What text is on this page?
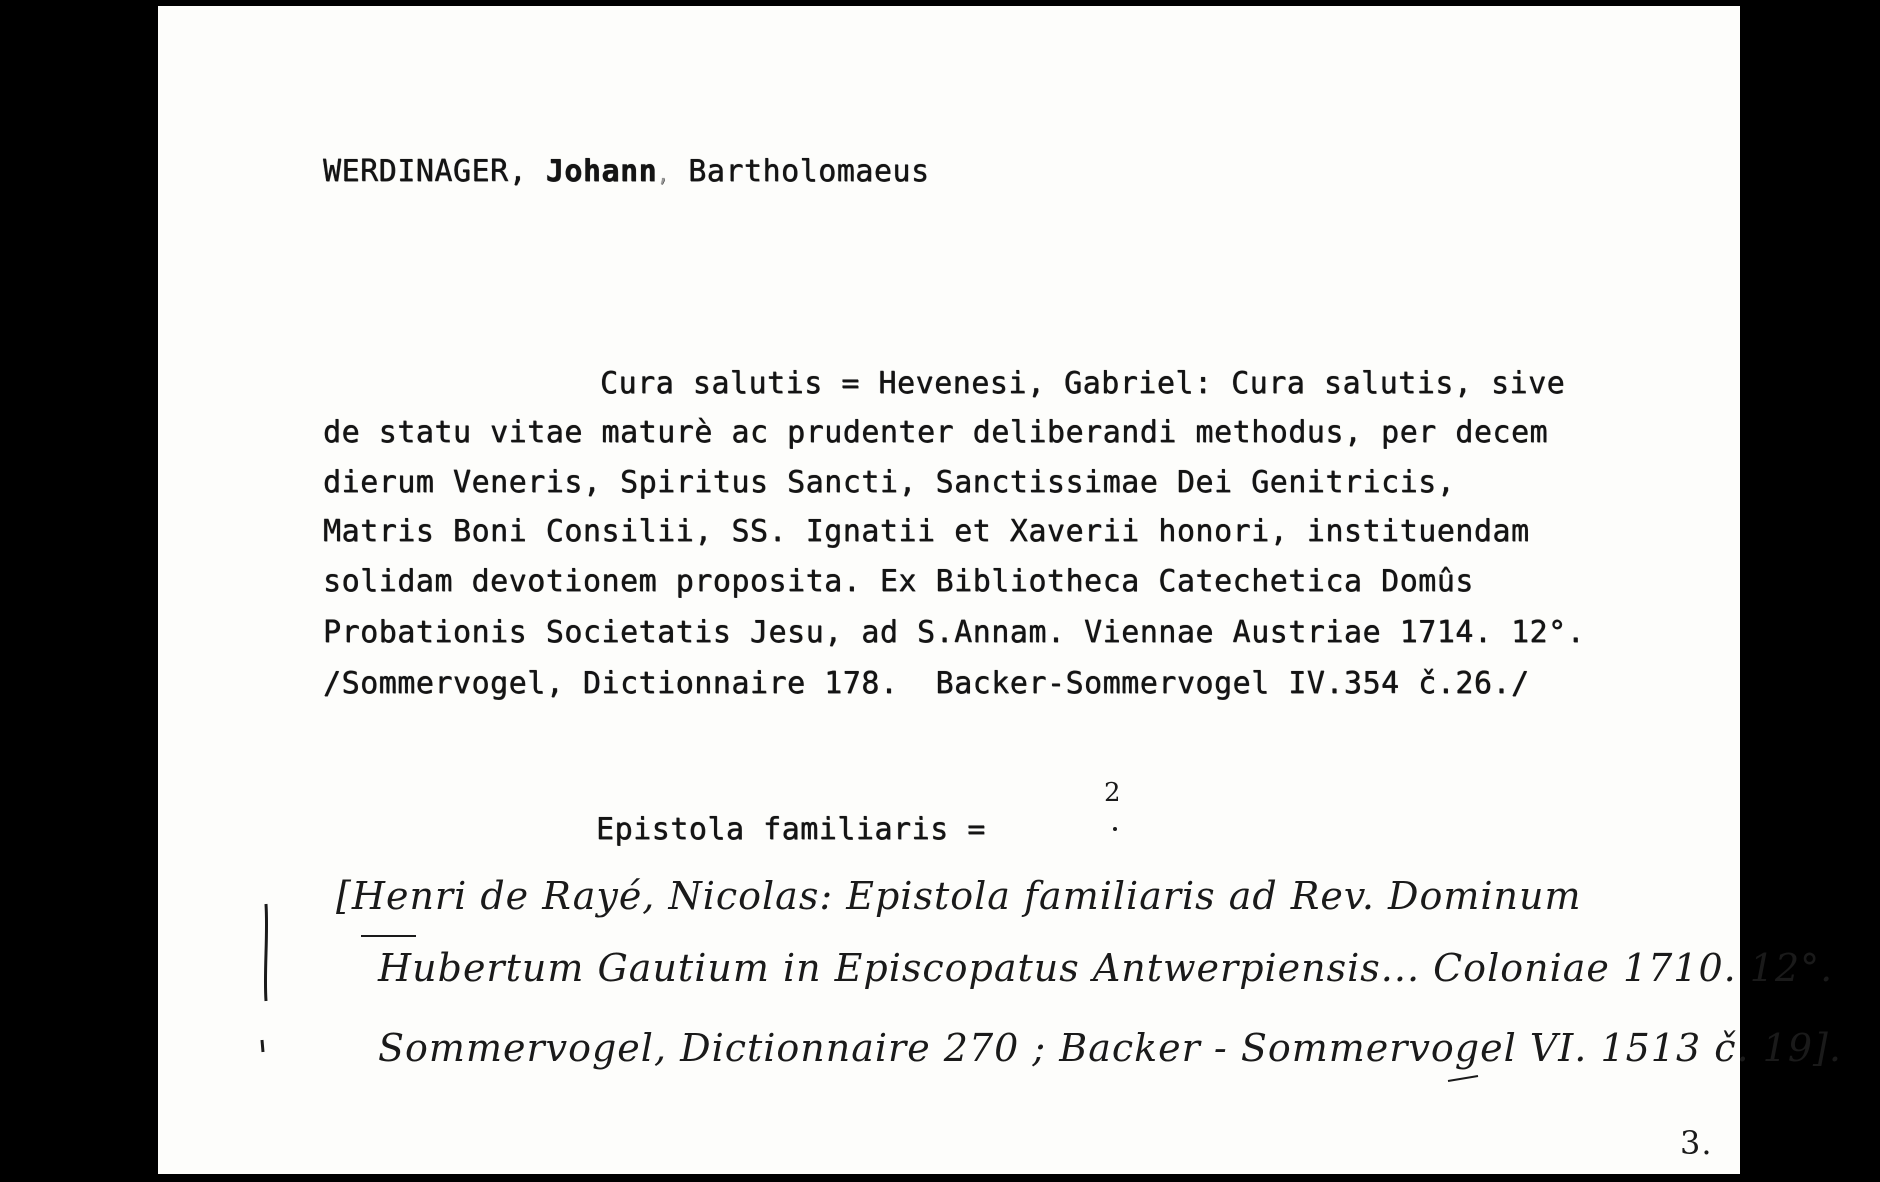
WERDINAGER, Johann, Bartholomaeus
Cura salutis = Hevenesi, Gabriel: Cura salutis, sive
de statu vitae maturè ac prudenter deliberandi methodus, per decem
dierum Veneris, Spiritus Sancti, Sanctissimae Dei Genitricis,
Matris Boni Consilii, SS. Ignatii et Xaverii honori, instituendam
solidam devotionem proposita. Ex Bibliotheca Catechetica Domûs
Probationis Societatis Jesu, ad S.Annam. Viennae Austriae 1714. 12°.
/Sommervogel, Dictionnaire 178.  Backer-Sommervogel IV.354 č.26./
Epistola familiaris =
2
[Henri de Rayé, Nicolas: Epistola familiaris ad Rev. Dominum
Hubertum Gautium in Episcopatus Antwerpiensis... Coloniae 1710. 12°.
Sommervogel, Dictionnaire 270 ; Backer - Sommervogel VI. 1513 č. 19].
3.
